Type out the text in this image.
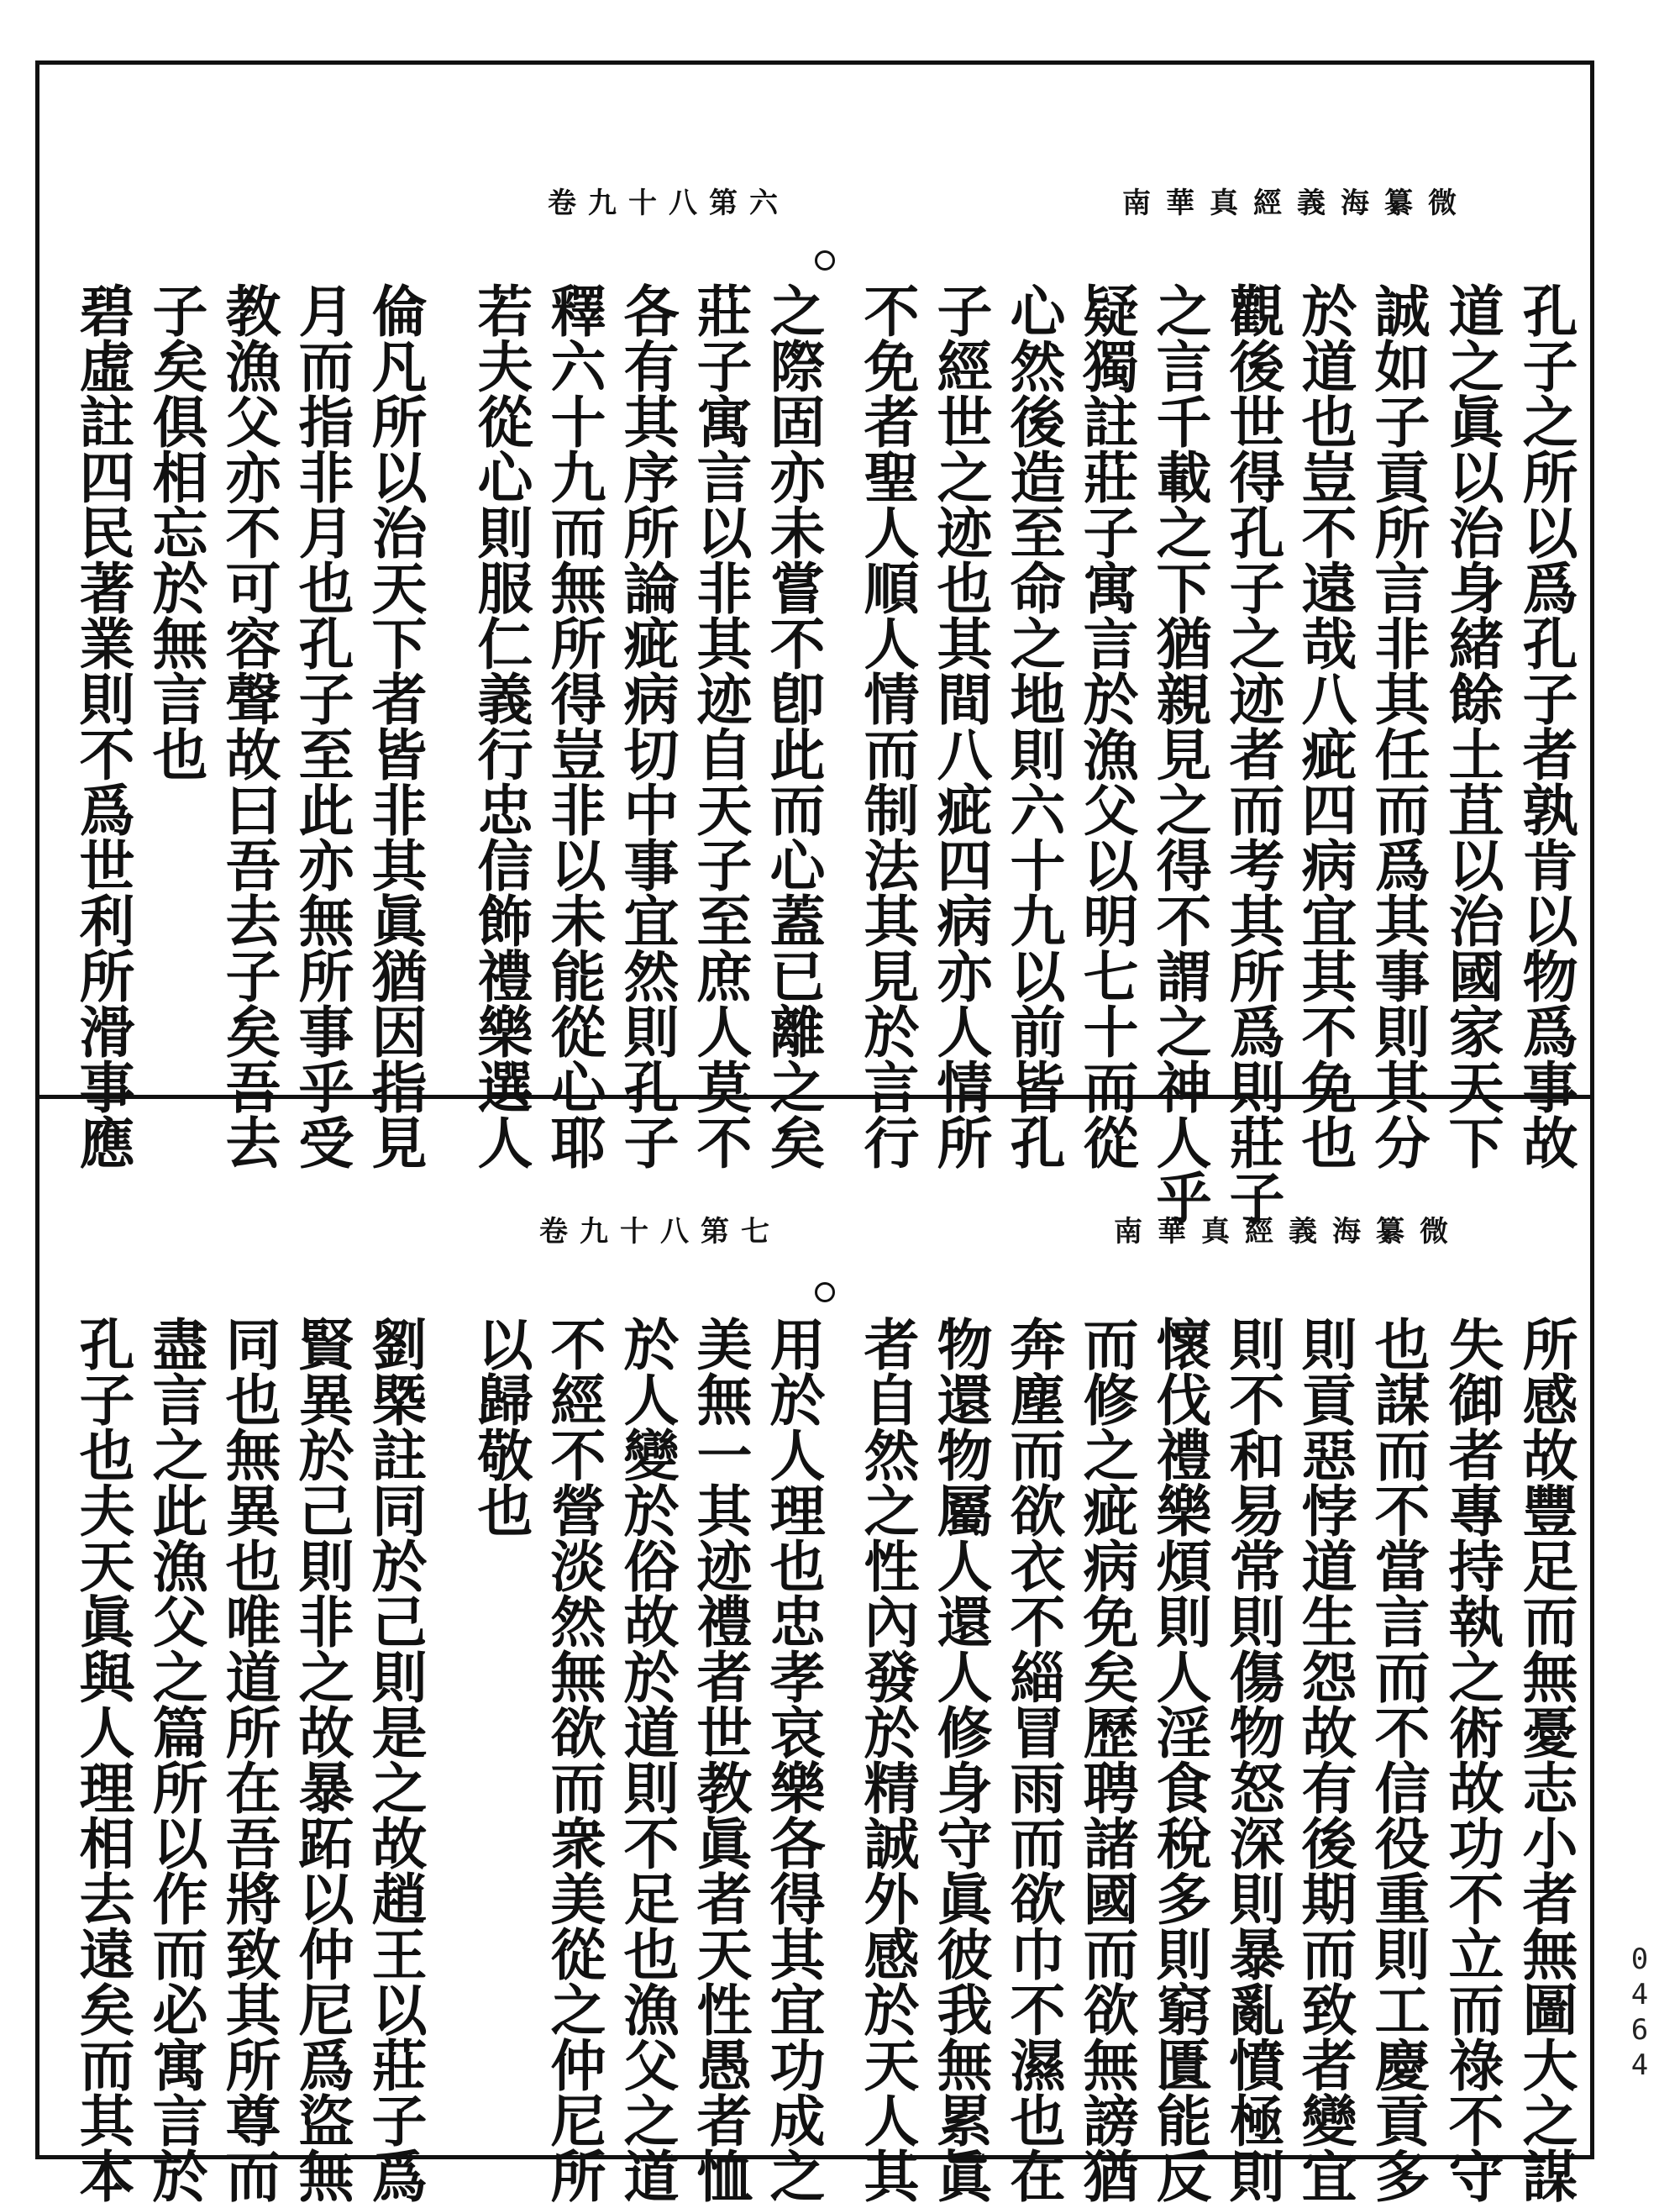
卷九十八第六	南華真經義海纂微
孔子之所以爲孔子者孰肯以物爲事故
道之眞以治身緒餘土苴以治國家天下
誠如子貢所言非其任而爲其事則其分
於道也豈不遠哉八疵四病宜其不免也
觀後世得孔子之迹者而考其所爲則莊子
之言千載之下猶親見之得不謂之神人乎
疑獨註莊子寓言於漁父以明七十而從
心然後造至命之地則六十九以前皆孔
子經世之迹也其間八疵四病亦人情所
不免者聖人順人情而制法其見於言行
之際固亦未嘗不卽此而心蓋已離之矣
莊子寓言以非其迹自天子至庶人莫不
各有其序所論疵病切中事宜然則孔子
釋六十九而無所得豈非以未能從心耶
若夫從心則服仁義行忠信飾禮樂選人
倫凡所以治天下者皆非其眞猶因指見
月而指非月也孔子至此亦無所事乎受
教漁父亦不可容聲故曰吾去子矣吾去
子矣俱相忘於無言也
碧虛註四民著業則不爲世利所滑事應
卷九十八第七	南華真經義海纂微
所感故豐足而無憂志小者無圖大之謀
失御者專持執之術故功不立而祿不守
也謀而不當言而不信役重則工慶貢多
則貢惡悖道生怨故有後期而致者變宜
則不和易常則傷物怒深則暴亂憤極則
懷伐禮樂煩則人淫食稅多則窮匱能反
而修之疵病免矣歷聘諸國而欲無謗猶
奔塵而欲衣不緇冒雨而欲巾不濕也在
物還物屬人還人修身守眞彼我無累眞
者自然之性內發於精誠外感於天人其
用於人理也忠孝哀樂各得其宜功成之
美無一其迹禮者世教眞者天性愚者恤
於人變於俗故於道則不足也漁父之道
不經不營淡然無欲而衆美從之仲尼所
以歸敬也
劉槩註同於己則是之故趙王以莊子爲
賢異於己則非之故暴跖以仲尼爲盜無
同也無異也唯道所在吾將致其所尊而
盡言之此漁父之篇所以作而必寓言於
孔子也夫天眞與人理相去遠矣而其本	0464
